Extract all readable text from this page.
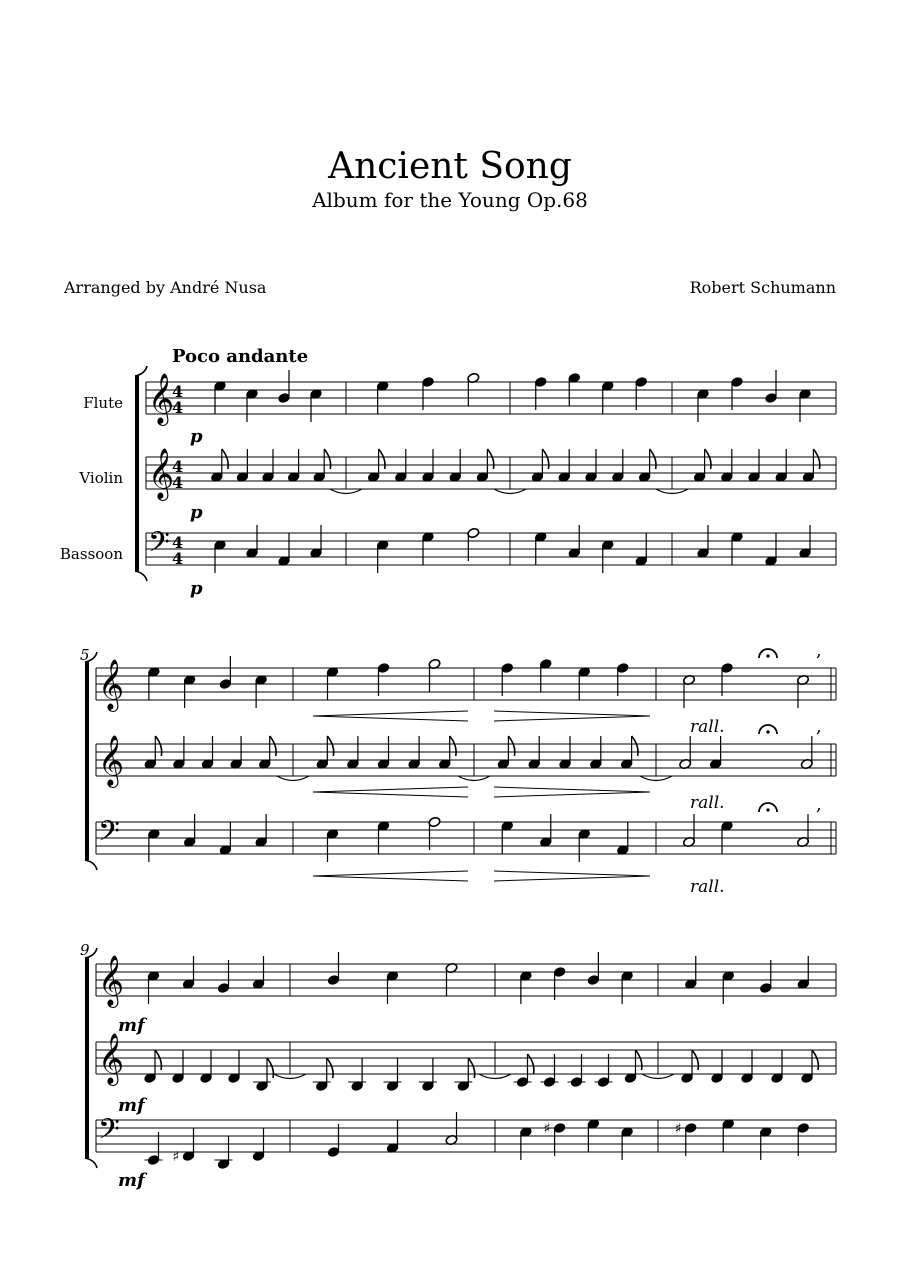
Ancient Song
Album for the Young Op.68
Arranged by André Nusa	Robert Schumann
Poco andante
Flute
Violin
Bassoon
5
9
p
p
p
rall.
rall.
rall.
mf
mf
mf
𝄞
4
4
𝄞
4
4
𝄢 4
4
𝄞
𝄞
𝄢
,
,
,
𝄞
𝄞
𝄢
♯
♯	♯
